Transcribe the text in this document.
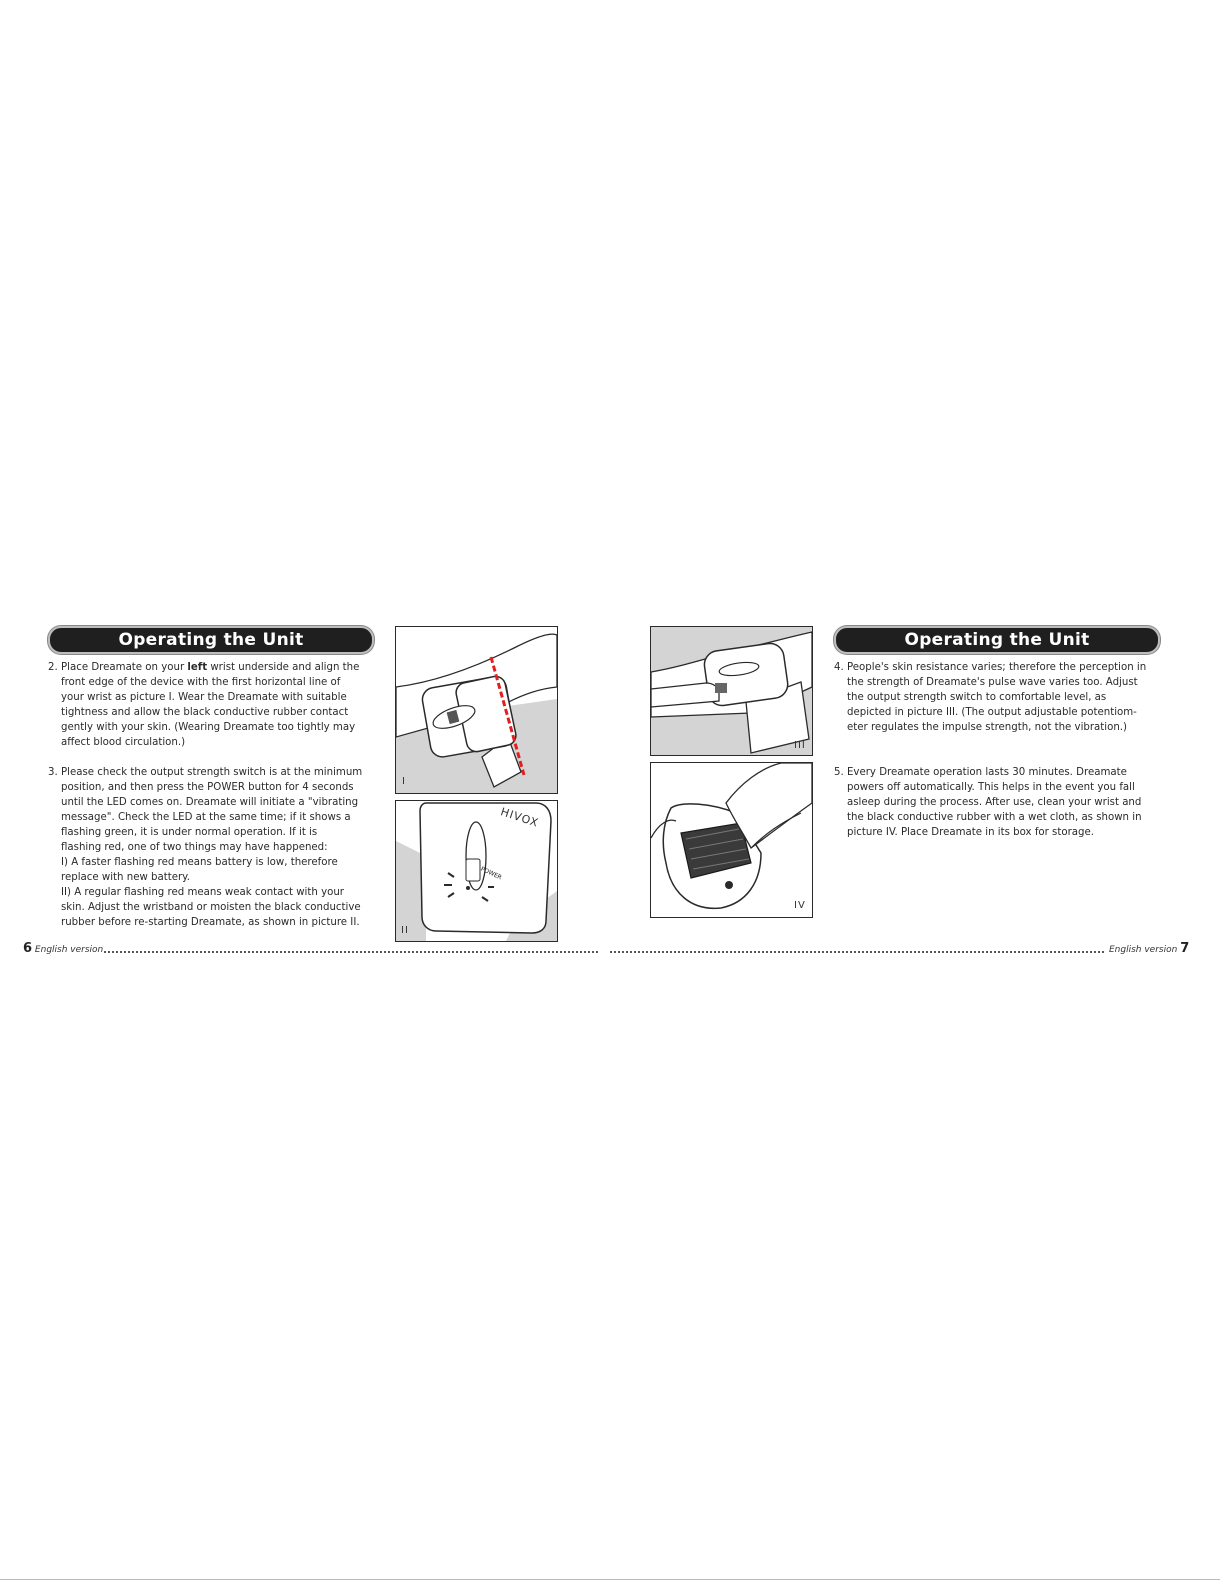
Operating the Unit
2. Place Dreamate on your left wrist underside and align the
front edge of the device with the first horizontal line of
your wrist as picture I. Wear the Dreamate with suitable
tightness and allow the black conductive rubber contact
gently with your skin. (Wearing Dreamate too tightly may
affect blood circulation.)
3. Please check the output strength switch is at the minimum
position, and then press the POWER button for 4 seconds
until the LED comes on. Dreamate will initiate a "vibrating
message". Check the LED at the same time; if it shows a
flashing green, it is under normal operation. If it is
flashing red, one of two things may have happened:
I) A faster flashing red means battery is low, therefore
replace with new battery.
II) A regular flashing red means weak contact with your
skin. Adjust the wristband or moisten the black conductive
rubber before re-starting Dreamate, as shown in picture II.
I
HIVOX
POWER
II
6 English version
Operating the Unit
III
IV
4. People's skin resistance varies; therefore the perception in
the strength of Dreamate's pulse wave varies too. Adjust
the output strength switch to comfortable level, as
depicted in picture III. (The output adjustable potentiom-
eter regulates the impulse strength, not the vibration.)
5. Every Dreamate operation lasts 30 minutes. Dreamate
powers off automatically. This helps in the event you fall
asleep during the process. After use, clean your wrist and
the black conductive rubber with a wet cloth, as shown in
picture IV. Place Dreamate in its box for storage.
English version 7
